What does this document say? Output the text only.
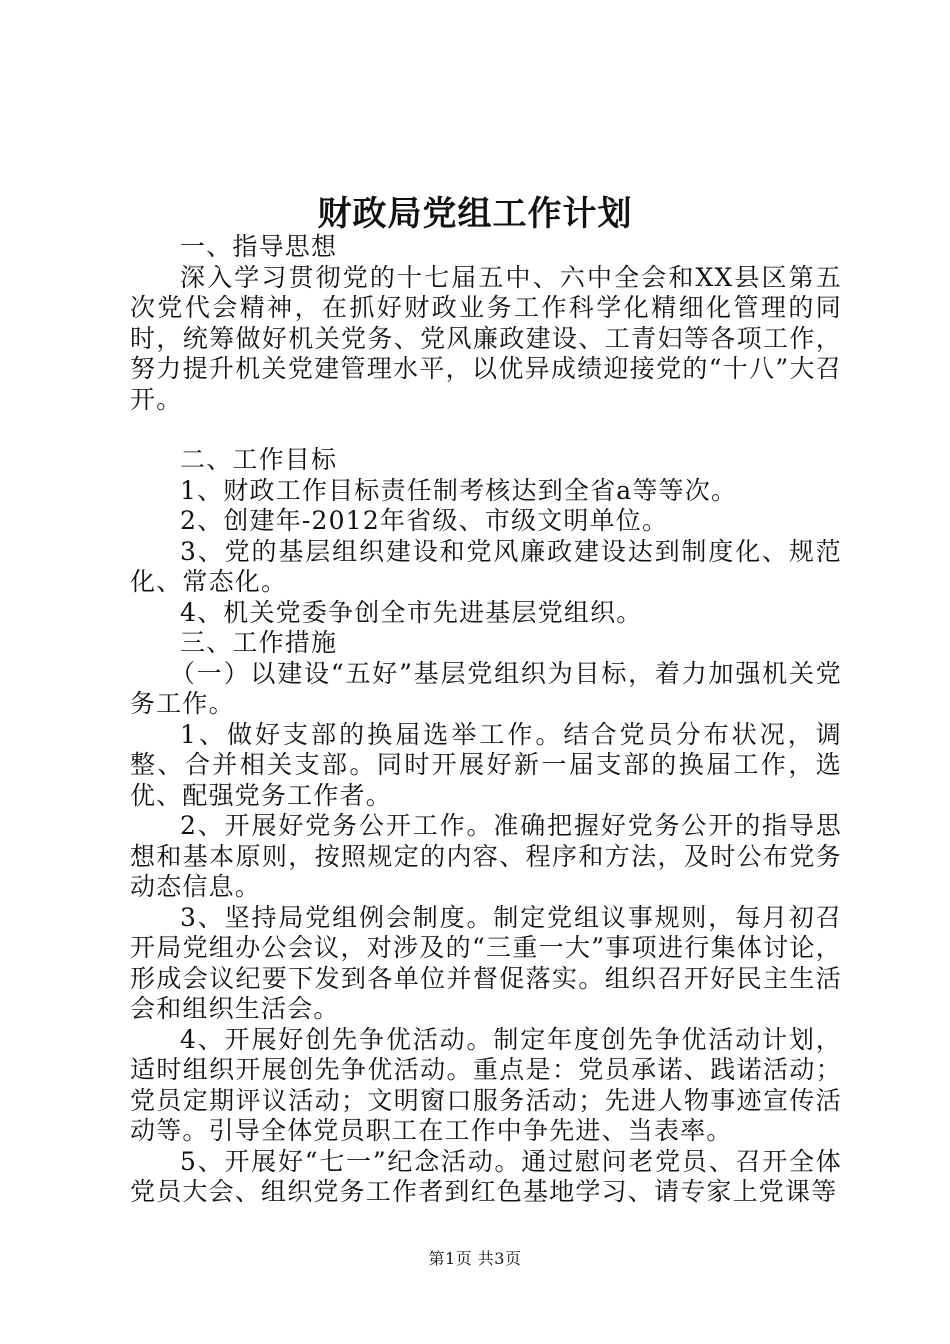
财政局党组工作计划

一、指导思想

深入学习贯彻党的十七届五中、六中全会和XX县区第五次党代会精神，在抓好财政业务工作科学化精细化管理的同时，统筹做好机关党务、党风廉政建设、工青妇等各项工作，努力提升机关党建管理水平，以优异成绩迎接党的“十八”大召开。

二、工作目标

1、财政工作目标责任制考核达到全省a等等次。

2、创建年-2012年省级、市级文明单位。

3、党的基层组织建设和党风廉政建设达到制度化、规范化、常态化。

4、机关党委争创全市先进基层党组织。

三、工作措施

（一）以建设“五好”基层党组织为目标，着力加强机关党务工作。

1、做好支部的换届选举工作。结合党员分布状况，调整、合并相关支部。同时开展好新一届支部的换届工作，选优、配强党务工作者。

2、开展好党务公开工作。准确把握好党务公开的指导思想和基本原则，按照规定的内容、程序和方法，及时公布党务动态信息。

3、坚持局党组例会制度。制定党组议事规则，每月初召开局党组办公会议，对涉及的“三重一大”事项进行集体讨论，形成会议纪要下发到各单位并督促落实。组织召开好民主生活会和组织生活会。

4、开展好创先争优活动。制定年度创先争优活动计划，适时组织开展创先争优活动。重点是：党员承诺、践诺活动；党员定期评议活动；文明窗口服务活动；先进人物事迹宣传活动等。引导全体党员职工在工作中争先进、当表率。

5、开展好“七一”纪念活动。通过慰问老党员、召开全体党员大会、组织党务工作者到红色基地学习、请专家上党课等

第1页 共3页
